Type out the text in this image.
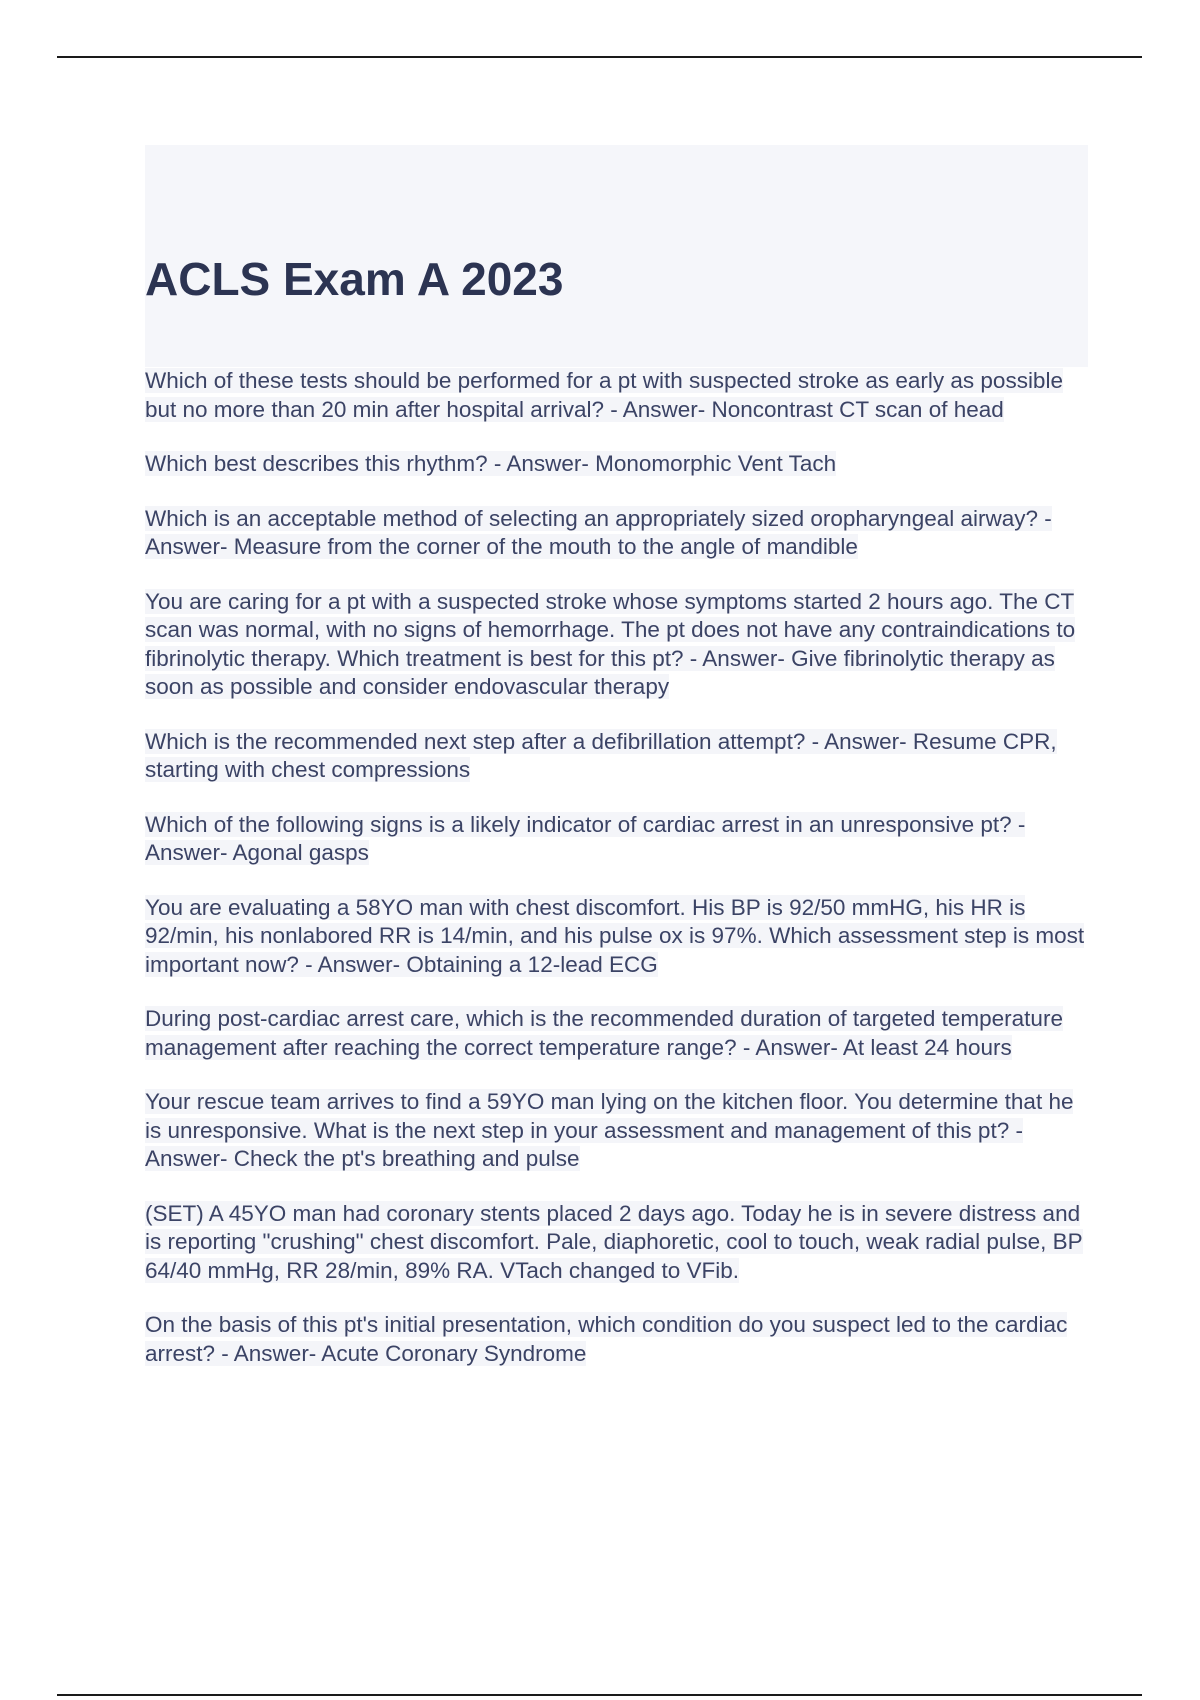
ACLS Exam A 2023

Which of these tests should be performed for a pt with suspected stroke as early as possible but no more than 20 min after hospital arrival? - Answer- Noncontrast CT scan of head

Which best describes this rhythm? - Answer- Monomorphic Vent Tach

Which is an acceptable method of selecting an appropriately sized oropharyngeal airway? - Answer- Measure from the corner of the mouth to the angle of mandible

You are caring for a pt with a suspected stroke whose symptoms started 2 hours ago. The CT scan was normal, with no signs of hemorrhage. The pt does not have any contraindications to fibrinolytic therapy. Which treatment is best for this pt? - Answer- Give fibrinolytic therapy as soon as possible and consider endovascular therapy

Which is the recommended next step after a defibrillation attempt? - Answer- Resume CPR, starting with chest compressions

Which of the following signs is a likely indicator of cardiac arrest in an unresponsive pt? - Answer- Agonal gasps

You are evaluating a 58YO man with chest discomfort. His BP is 92/50 mmHG, his HR is 92/min, his nonlabored RR is 14/min, and his pulse ox is 97%. Which assessment step is most important now? - Answer- Obtaining a 12-lead ECG

During post-cardiac arrest care, which is the recommended duration of targeted temperature management after reaching the correct temperature range? - Answer- At least 24 hours

Your rescue team arrives to find a 59YO man lying on the kitchen floor. You determine that he is unresponsive. What is the next step in your assessment and management of this pt? - Answer- Check the pt's breathing and pulse

(SET) A 45YO man had coronary stents placed 2 days ago. Today he is in severe distress and is reporting "crushing" chest discomfort. Pale, diaphoretic, cool to touch, weak radial pulse, BP 64/40 mmHg, RR 28/min, 89% RA. VTach changed to VFib.

On the basis of this pt's initial presentation, which condition do you suspect led to the cardiac arrest? - Answer- Acute Coronary Syndrome
